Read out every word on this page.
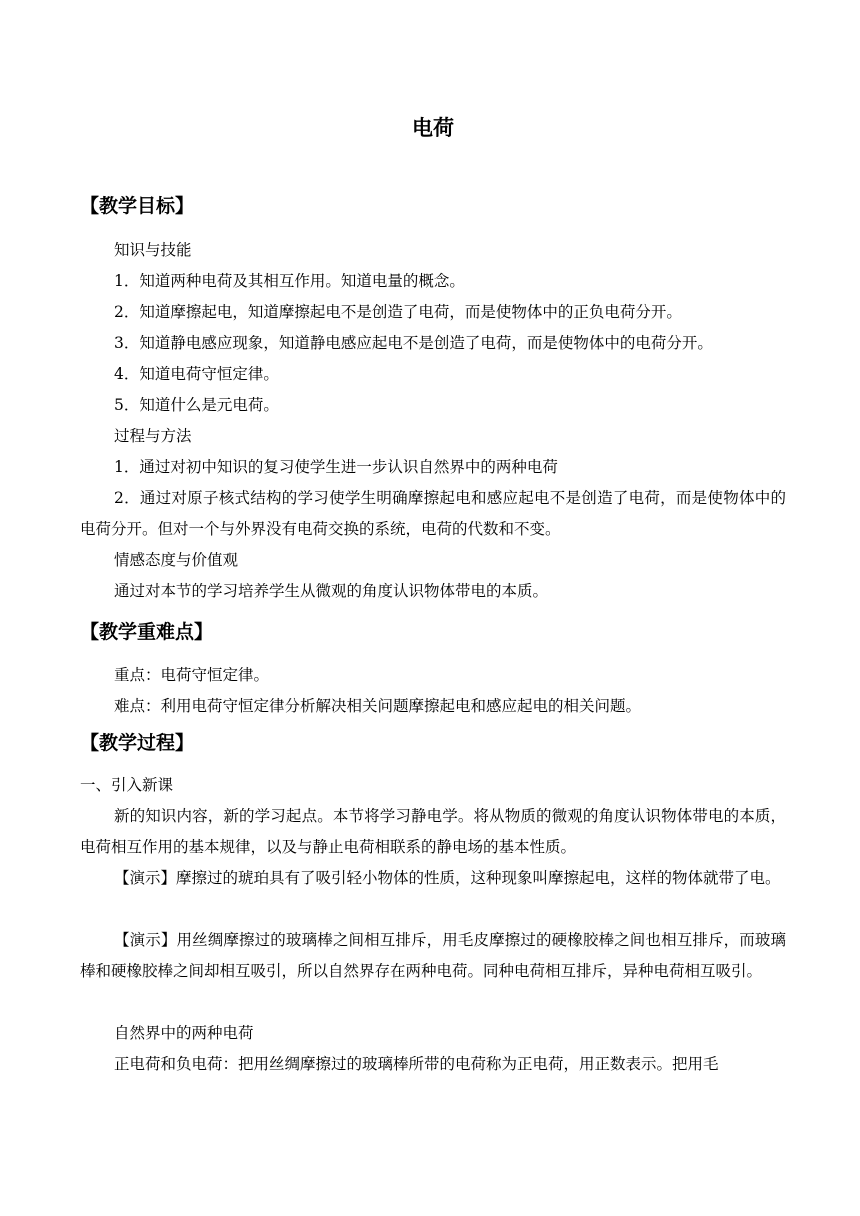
电荷
【教学目标】
知识与技能
1．知道两种电荷及其相互作用。知道电量的概念。
2．知道摩擦起电，知道摩擦起电不是创造了电荷，而是使物体中的正负电荷分开。
3．知道静电感应现象，知道静电感应起电不是创造了电荷，而是使物体中的电荷分开。
4．知道电荷守恒定律。
5．知道什么是元电荷。
过程与方法
1．通过对初中知识的复习使学生进一步认识自然界中的两种电荷
2．通过对原子核式结构的学习使学生明确摩擦起电和感应起电不是创造了电荷，而是使物体中的电荷分开。但对一个与外界没有电荷交换的系统，电荷的代数和不变。
情感态度与价值观
通过对本节的学习培养学生从微观的角度认识物体带电的本质。
【教学重难点】
重点：电荷守恒定律。
难点：利用电荷守恒定律分析解决相关问题摩擦起电和感应起电的相关问题。
【教学过程】
一、引入新课
新的知识内容，新的学习起点。本节将学习静电学。将从物质的微观的角度认识物体带电的本质，电荷相互作用的基本规律，以及与静止电荷相联系的静电场的基本性质。
【演示】摩擦过的琥珀具有了吸引轻小物体的性质，这种现象叫摩擦起电，这样的物体就带了电。
【演示】用丝绸摩擦过的玻璃棒之间相互排斥，用毛皮摩擦过的硬橡胶棒之间也相互排斥，而玻璃棒和硬橡胶棒之间却相互吸引，所以自然界存在两种电荷。同种电荷相互排斥，异种电荷相互吸引。
自然界中的两种电荷
正电荷和负电荷：把用丝绸摩擦过的玻璃棒所带的电荷称为正电荷，用正数表示。把用毛
